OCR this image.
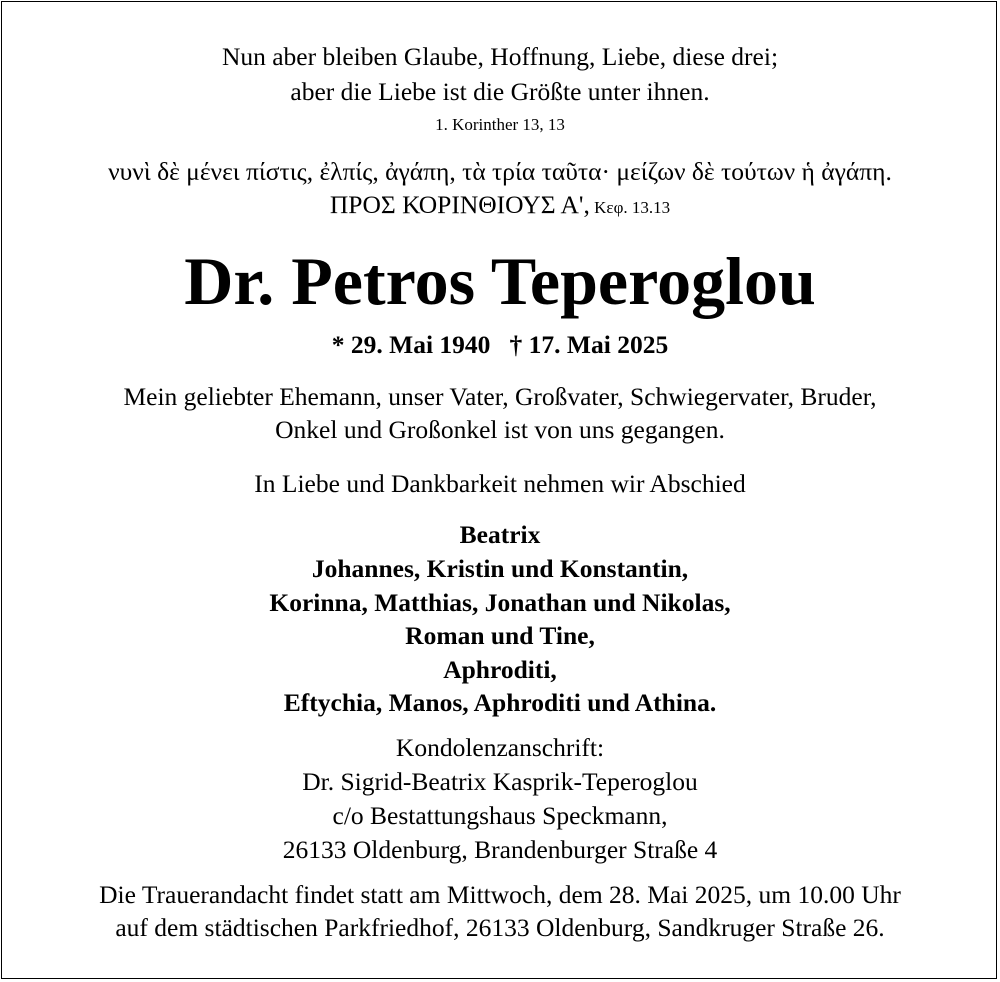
Nun aber bleiben Glaube, Hoffnung, Liebe, diese drei;
aber die Liebe ist die Größte unter ihnen.
1. Korinther 13, 13
νυνὶ δὲ μένει πίστις, ἐλπίς, ἀγάπη, τὰ τρία ταῦτα· μείζων δὲ τούτων ἡ ἀγάπη.
ΠΡΟΣ ΚΟΡΙΝΘΙΟΥΣ Α', Κεφ. 13.13
Dr. Petros Teperoglou
* 29. Mai 1940   † 17. Mai 2025
Mein geliebter Ehemann, unser Vater, Großvater, Schwiegervater, Bruder,
Onkel und Großonkel ist von uns gegangen.
In Liebe und Dankbarkeit nehmen wir Abschied
Beatrix
Johannes, Kristin und Konstantin,
Korinna, Matthias, Jonathan und Nikolas,
Roman und Tine,
Aphroditi,
Eftychia, Manos, Aphroditi und Athina.
Kondolenzanschrift:
Dr. Sigrid-Beatrix Kasprik-Teperoglou
c/o Bestattungshaus Speckmann,
26133 Oldenburg, Brandenburger Straße 4
Die Trauerandacht findet statt am Mittwoch, dem 28. Mai 2025, um 10.00 Uhr
auf dem städtischen Parkfriedhof, 26133 Oldenburg, Sandkruger Straße 26.
